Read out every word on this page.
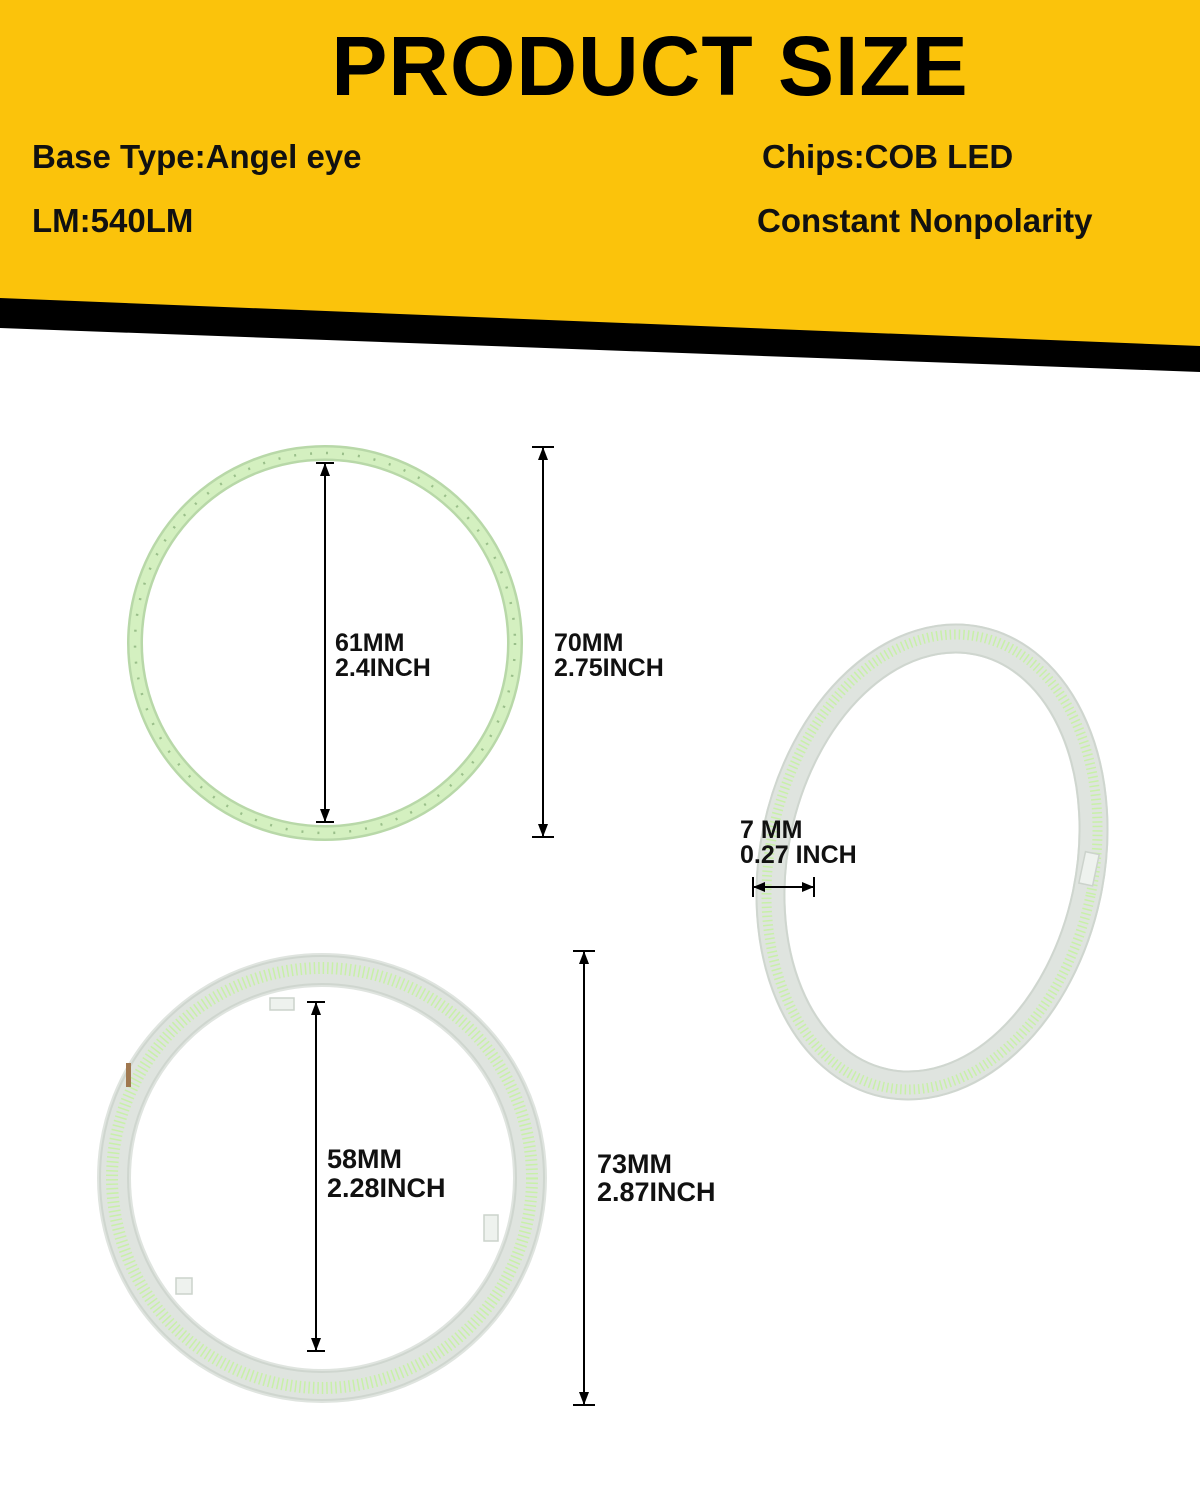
PRODUCT SIZE
Base Type:Angel eye	Chips:COB LED
LM:540LM	Constant Nonpolarity
61MM
2.4INCH
70MM
2.75INCH
7 MM
0.27 INCH
58MM
2.28INCH
73MM
2.87INCH
